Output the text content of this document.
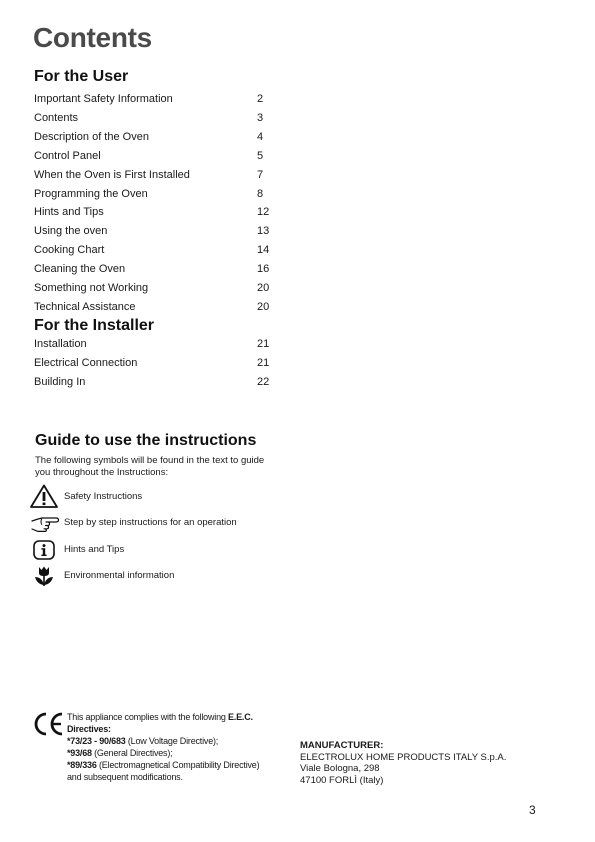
Contents
For the User
Important Safety Information	2
Contents	3
Description of the Oven	4
Control Panel	5
When the Oven is First Installed	7
Programming the Oven	8
Hints and Tips	12
Using the oven	13
Cooking Chart	14
Cleaning the Oven	16
Something not Working	20
Technical Assistance	20
For the Installer
Installation	21
Electrical Connection	21
Building In	22
Guide to use the instructions
The following symbols will be found in the text to guide
you throughout the Instructions:
Safety Instructions
Step by step instructions for an operation
Hints and Tips
Environmental information
This appliance complies with the following E.E.C.
Directives:
*73/23 - 90/683 (Low Voltage Directive);
*93/68 (General Directives);
*89/336 (Electromagnetical Compatibility Directive)
and subsequent modifications.
MANUFACTURER:
ELECTROLUX HOME PRODUCTS ITALY S.p.A.
Viale Bologna, 298
47100 FORLÌ (Italy)
3
